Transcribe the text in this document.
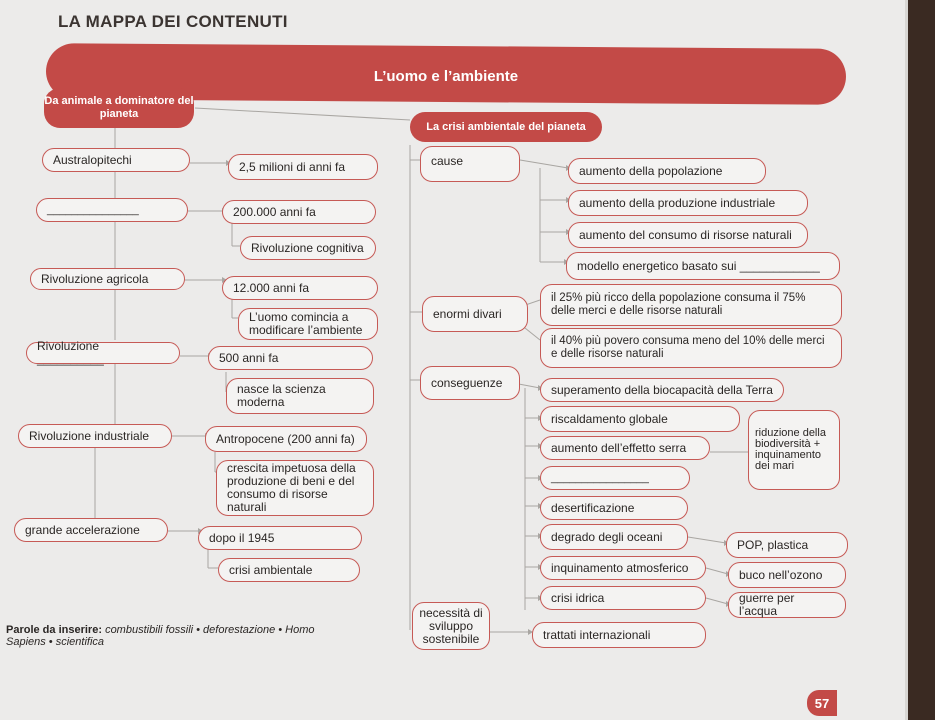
LA MAPPA DEI CONTENUTI
L’uomo e l’ambiente
Da animale a dominatore del pianeta
Australopitechi	2,5 milioni di anni fa
_______________	200.000 anni fa
Rivoluzione cognitiva
Rivoluzione agricola
12.000 anni fa
L’uomo comincia a modificare l’ambiente
Rivoluzione __________	500 anni fa
nasce la scienza moderna
Rivoluzione industriale	Antropocene (200 anni fa)
crescita impetuosa della produzione di beni e del consumo di risorse naturali
grande accelerazione
dopo il 1945
crisi ambientale
La crisi ambientale del pianeta
cause
aumento della popolazione
aumento della produzione industriale
aumento del consumo di risorse naturali
modello energetico basato sui ____________
enormi divari
il 25% più ricco della popolazione consuma il 75% delle merci e delle risorse naturali
il 40% più povero consuma meno del 10% delle merci e delle risorse naturali
conseguenze	superamento della biocapacità della Terra
riscaldamento globale
aumento dell’effetto serra
________________
desertificazione
degrado degli oceani
inquinamento atmosferico
crisi idrica
riduzione della biodiversità + inquinamento dei mari
POP, plastica
buco nell’ozono
guerre per l’acqua
necessità di sviluppo sostenibile	trattati internazionali
Parole da inserire: combustibili fossili • deforestazione • Homo Sapiens • scientifica
57
